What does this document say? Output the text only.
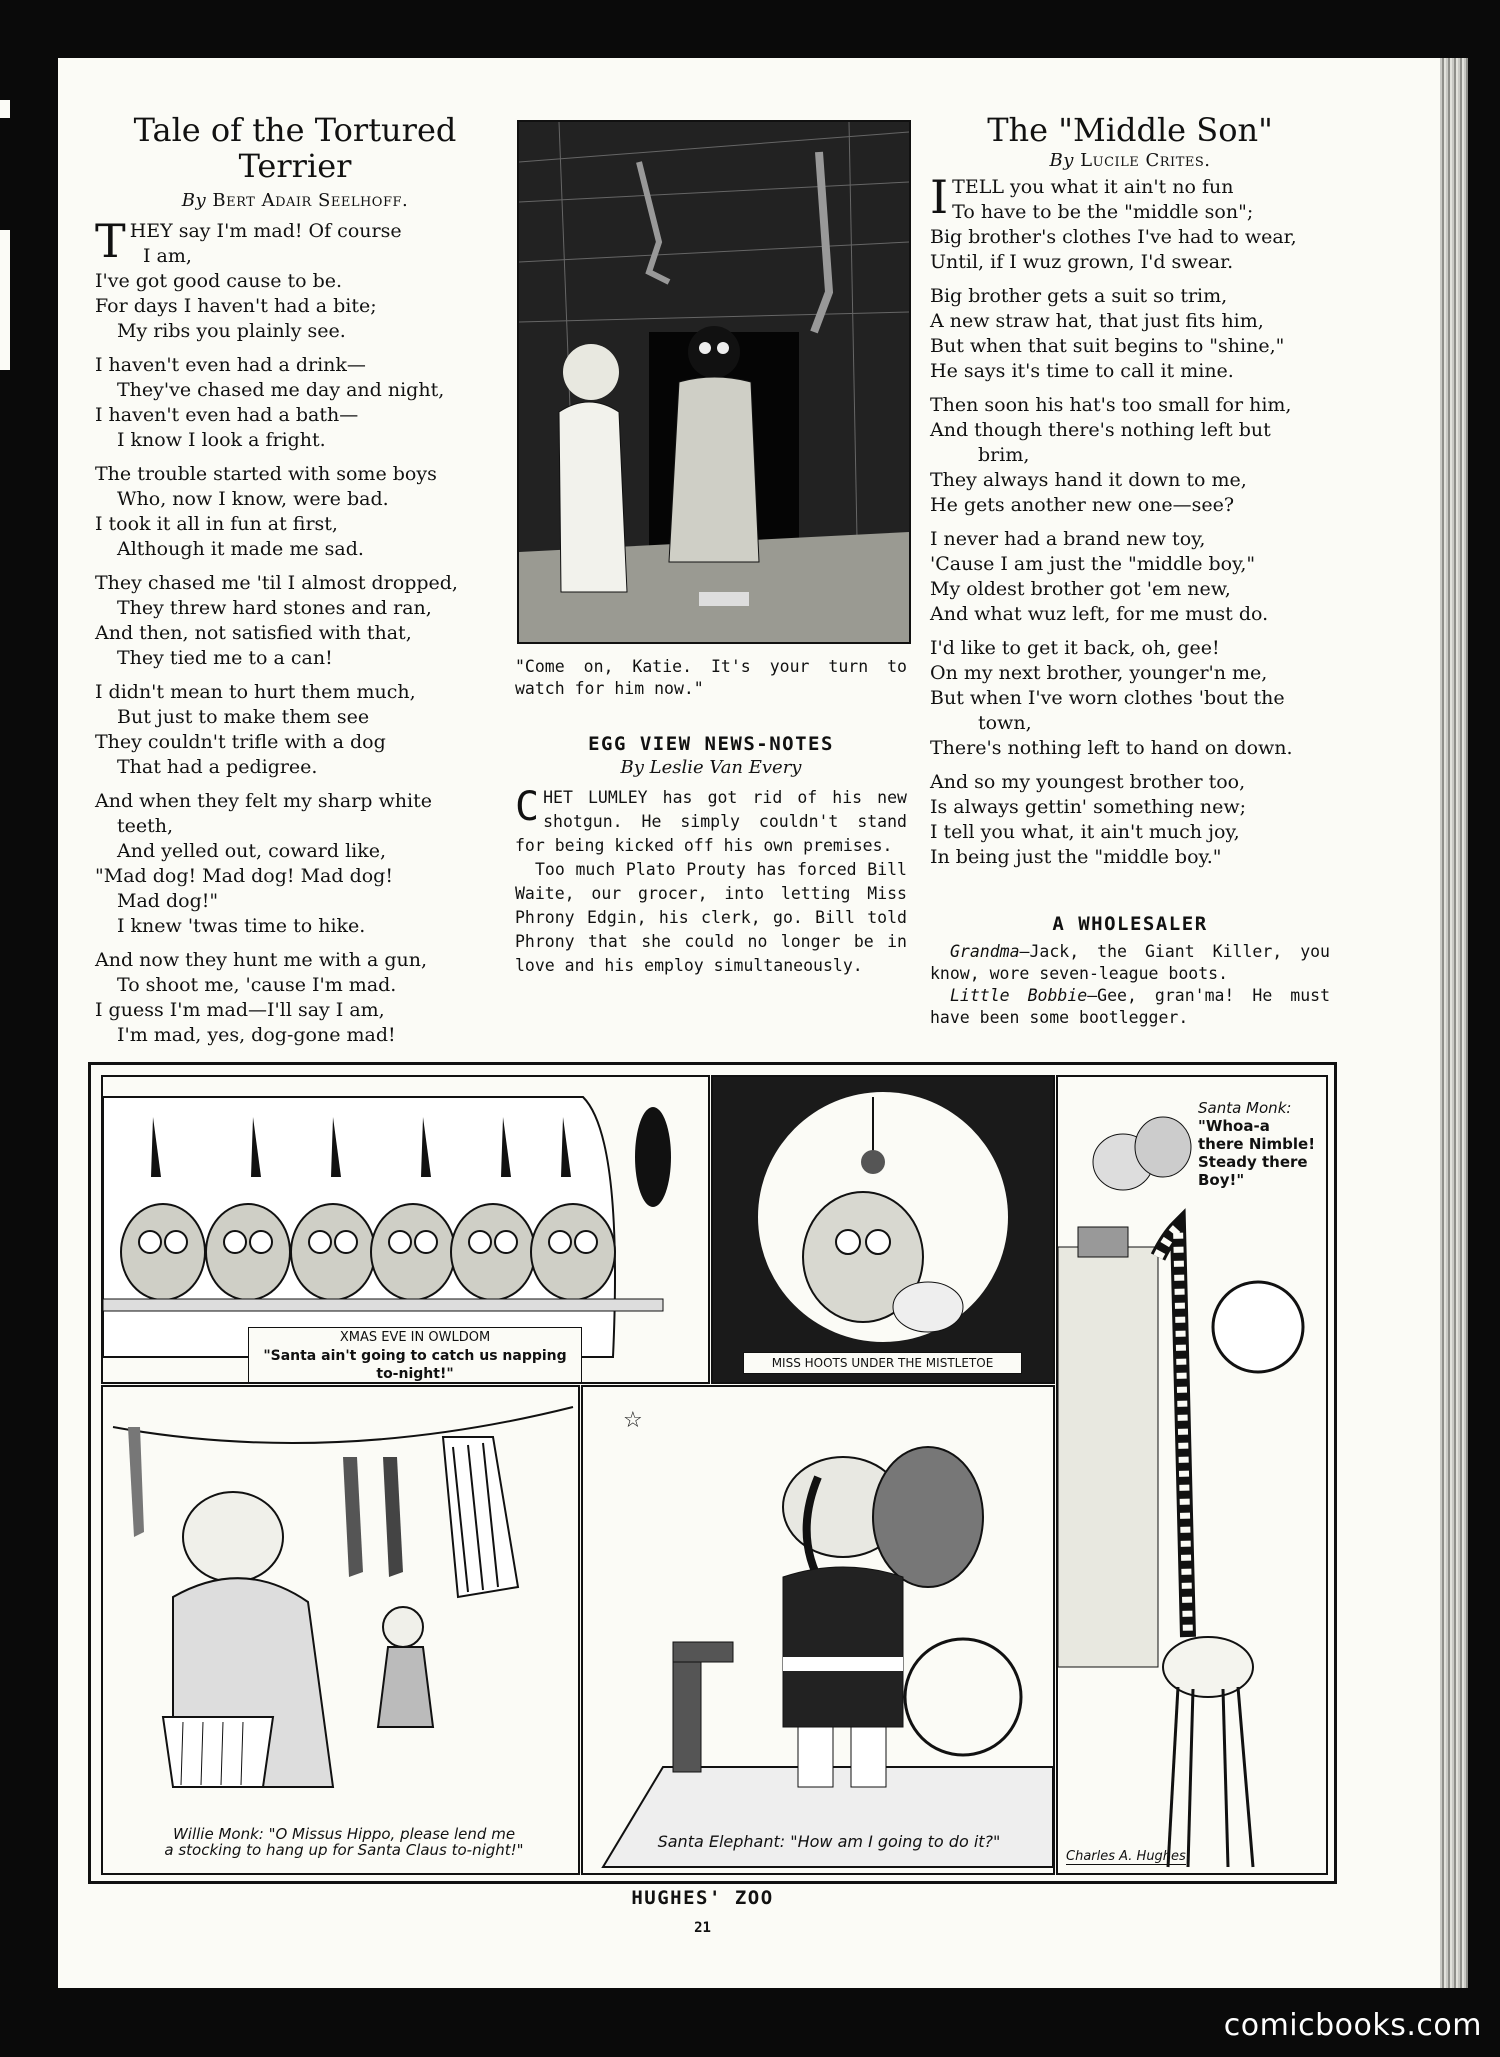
Tale of the Tortured Terrier
By Bert Adair Seelhoff.
T HEY say I'm mad! Of course
I am,
I've got good cause to be.
For days I haven't had a bite;
My ribs you plainly see.
I haven't even had a drink—
They've chased me day and night,
I haven't even had a bath—
I know I look a fright.
The trouble started with some boys
Who, now I know, were bad.
I took it all in fun at first,
Although it made me sad.
They chased me 'til I almost dropped,
They threw hard stones and ran,
And then, not satisfied with that,
They tied me to a can!
I didn't mean to hurt them much,
But just to make them see
They couldn't trifle with a dog
That had a pedigree.
And when they felt my sharp white
teeth,
And yelled out, coward like,
"Mad dog! Mad dog! Mad dog!
Mad dog!"
I knew 'twas time to hike.
And now they hunt me with a gun,
To shoot me, 'cause I'm mad.
I guess I'm mad—I'll say I am,
I'm mad, yes, dog-gone mad!

"Come on, Katie. It's your turn to watch for him now."

EGG VIEW NEWS-NOTES
By Leslie Van Every

CHET LUMLEY has got rid of his new shotgun. He simply couldn't stand for being kicked off his own premises.

Too much Plato Prouty has forced Bill Waite, our grocer, into letting Miss Phrony Edgin, his clerk, go. Bill told Phrony that she could no longer be in love and his employ simultaneously.

The "Middle Son"
By Lucile Crites.
I TELL you what it ain't no fun
To have to be the "middle son";
Big brother's clothes I've had to wear,
Until, if I wuz grown, I'd swear.
Big brother gets a suit so trim,
A new straw hat, that just fits him,
But when that suit begins to "shine,"
He says it's time to call it mine.
Then soon his hat's too small for him,
And though there's nothing left but
brim,
They always hand it down to me,
He gets another new one—see?
I never had a brand new toy,
'Cause I am just the "middle boy,"
My oldest brother got 'em new,
And what wuz left, for me must do.
I'd like to get it back, oh, gee!
On my next brother, younger'n me,
But when I've worn clothes 'bout the
town,
There's nothing left to hand on down.
And so my youngest brother too,
Is always gettin' something new;
I tell you what, it ain't much joy,
In being just the "middle boy."
A WHOLESALER

Grandma—Jack, the Giant Killer, you know, wore seven-league boots.

Little Bobbie—Gee, gran'ma! He must have been some bootlegger.

XMAS EVE IN OWLDOM
"Santa ain't going to catch us napping to-night!"
MISS HOOTS UNDER THE MISTLETOE
Santa Monk:
"Whoa-a there Nimble! Steady there Boy!"
Charles A. Hughes
Willie Monk: "O Missus Hippo, please lend me
a stocking to hang up for Santa Claus to-night!"
☆
Santa Elephant: "How am I going to do it?"
HUGHES' ZOO
21
comicbooks.com
